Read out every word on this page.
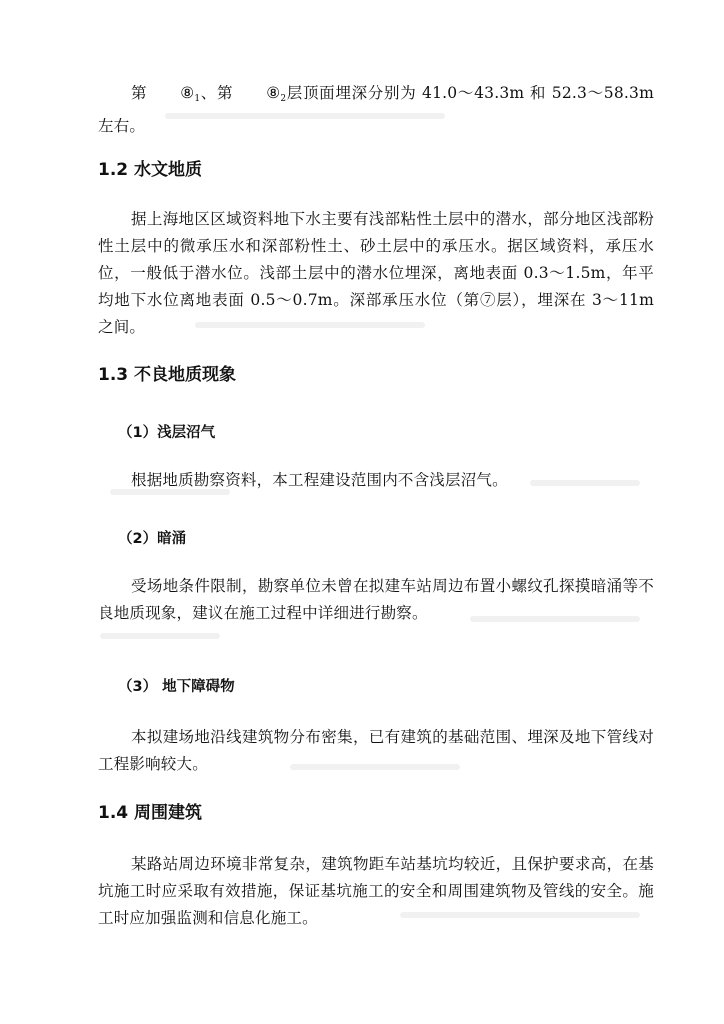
第 $⑧_1$、第 $⑧_2$层顶面埋深分别为 41.0～43.3m 和 52.3～58.3m 左右。

1.2 水文地质

据上海地区区域资料地下水主要有浅部粘性土层中的潜水，部分地区浅部粉性土层中的微承压水和深部粉性土、砂土层中的承压水。据区域资料，承压水位，一般低于潜水位。浅部土层中的潜水位埋深，离地表面 0.3～1.5m，年平均地下水位离地表面 0.5～0.7m。深部承压水位（第⑦层），埋深在 3～11m 之间。

1.3 不良地质现象
（1）浅层沼气

根据地质勘察资料，本工程建设范围内不含浅层沼气。

（2）暗涌

受场地条件限制，勘察单位未曾在拟建车站周边布置小螺纹孔探摸暗涌等不良地质现象，建议在施工过程中详细进行勘察。

（3） 地下障碍物

本拟建场地沿线建筑物分布密集，已有建筑的基础范围、埋深及地下管线对工程影响较大。

1.4 周围建筑

某路站周边环境非常复杂，建筑物距车站基坑均较近，且保护要求高，在基坑施工时应采取有效措施，保证基坑施工的安全和周围建筑物及管线的安全。施工时应加强监测和信息化施工。
